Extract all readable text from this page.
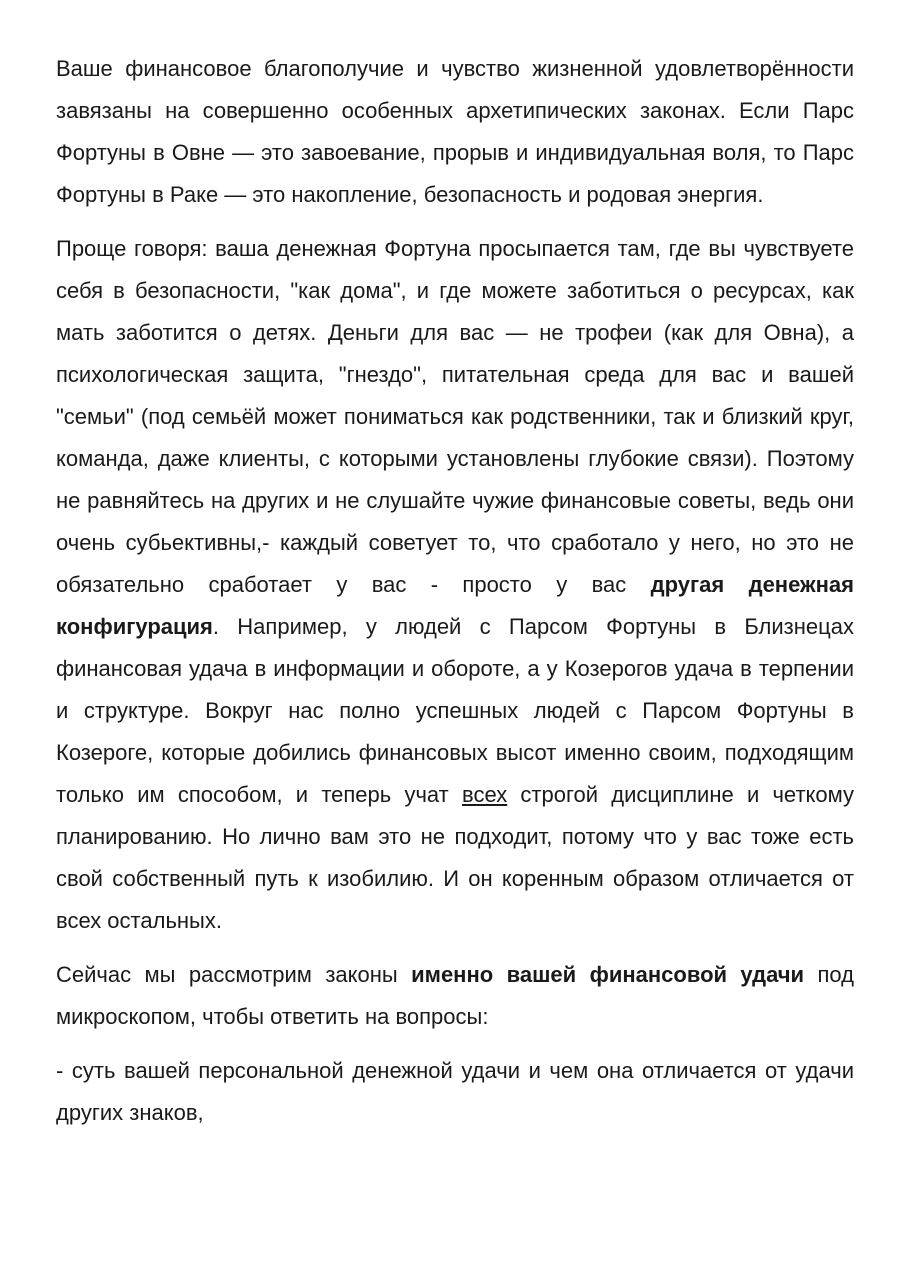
Ваше финансовое благополучие и чувство жизненной удовлетворённости завязаны на совершенно особенных архетипических законах. Если Парс Фортуны в Овне — это завоевание, прорыв и индивидуальная воля, то Парс Фортуны в Раке — это накопление, безопасность и родовая энергия.

Проще говоря: ваша денежная Фортуна просыпается там, где вы чувствуете себя в безопасности, "как дома", и где можете заботиться о ресурсах, как мать заботится о детях. Деньги для вас — не трофеи (как для Овна), а психологическая защита, "гнездо", питательная среда для вас и вашей "семьи" (под семьёй может пониматься как родственники, так и близкий круг, команда, даже клиенты, с которыми установлены глубокие связи). Поэтому не равняйтесь на других и не слушайте чужие финансовые советы, ведь они очень субьективны,- каждый советует то, что сработало у него, но это не обязательно сработает у вас - просто у вас другая денежная конфигурация. Например, у людей с Парсом Фортуны в Близнецах финансовая удача в информации и обороте, а у Козерогов удача в терпении и структуре. Вокруг нас полно успешных людей с Парсом Фортуны в Козероге, которые добились финансовых высот именно своим, подходящим только им способом, и теперь учат всех строгой дисциплине и четкому планированию. Но лично вам это не подходит, потому что у вас тоже есть свой собственный путь к изобилию. И он коренным образом отличается от всех остальных.

Сейчас мы рассмотрим законы именно вашей финансовой удачи под микроскопом, чтобы ответить на вопросы:

- суть вашей персональной денежной удачи и чем она отличается от удачи других знаков,
